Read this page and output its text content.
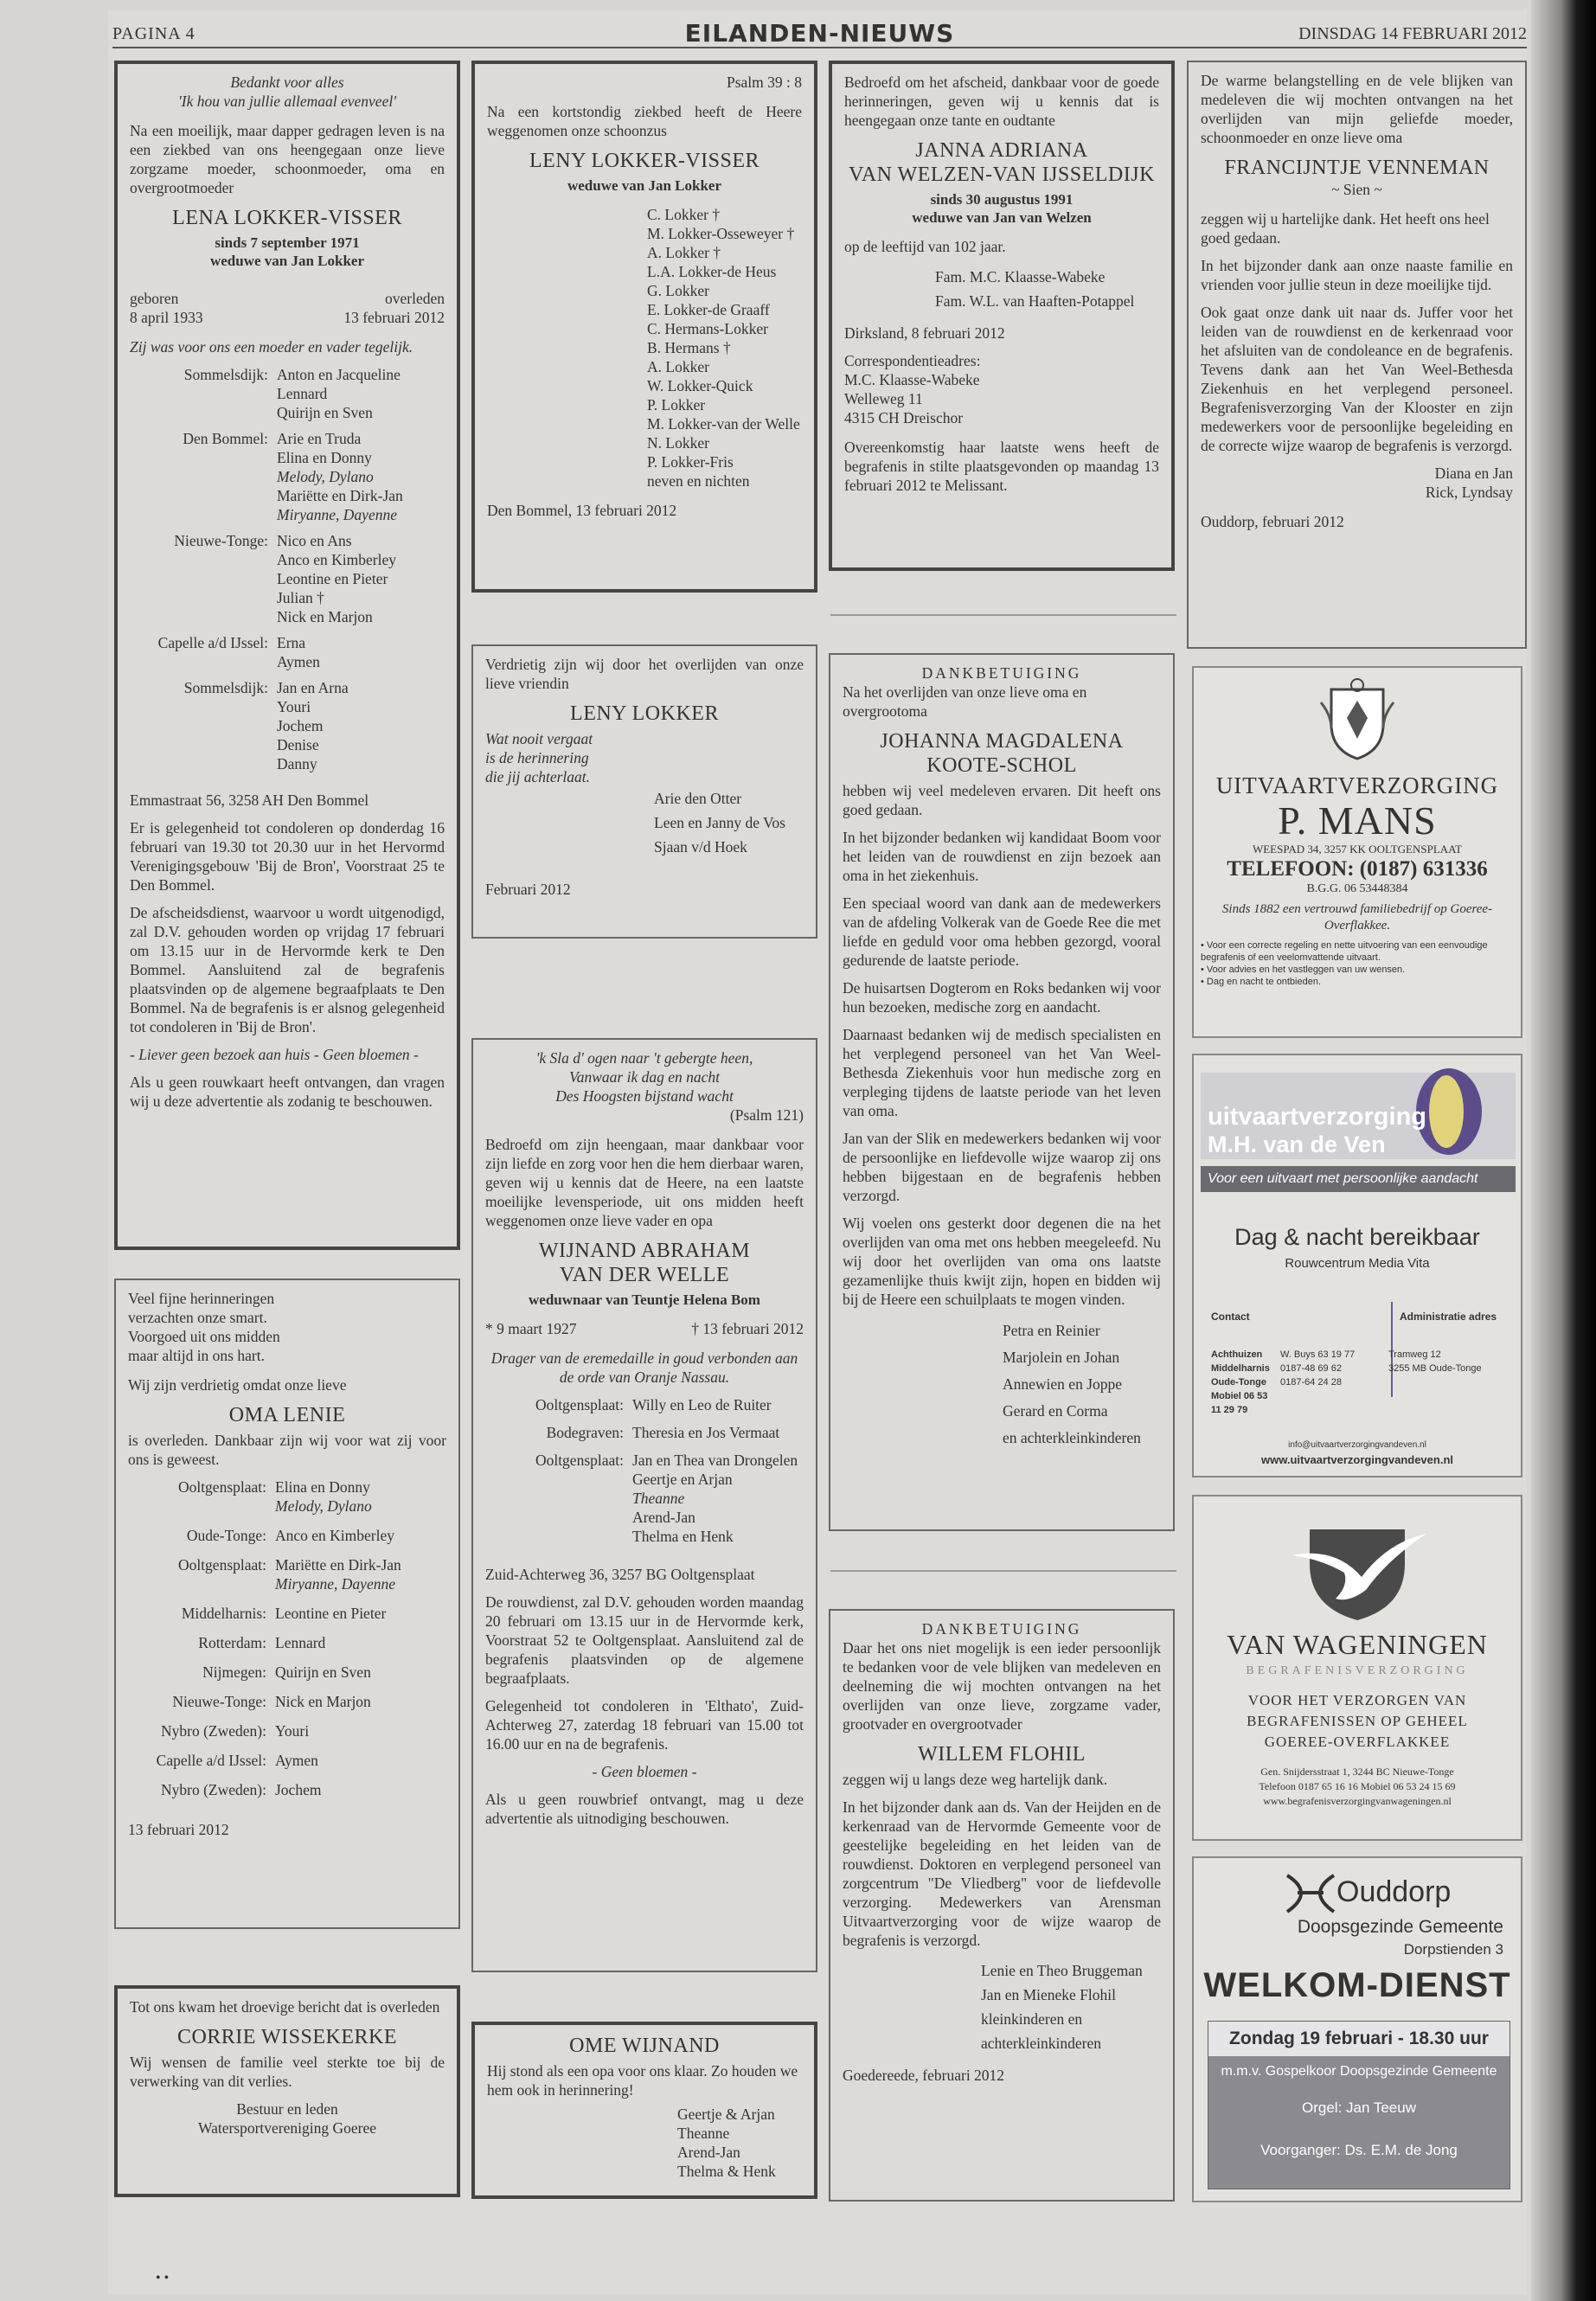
PAGINA 4	EILANDEN-NIEUWS	DINSDAG 14 FEBRUARI 2012
Bedankt voor alles
'Ik hou van jullie allemaal evenveel'

Na een moeilijk, maar dapper gedragen leven is na een ziekbed van ons heengegaan onze lieve zorgzame moeder, schoonmoeder, oma en overgrootmoeder

LENA LOKKER-VISSER
sinds 7 september 1971
weduwe van Jan Lokker
geboren
8 april 1933
overleden
13 februari 2012

Zij was voor ons een moeder en vader tegelijk.

Sommelsdijk: Anton en Jacqueline
Lennard
Quirijn en Sven
Den Bommel: Arie en Truda
Elina en Donny
Melody, Dylano
Mariëtte en Dirk-Jan
Miryanne, Dayenne
Nieuwe-Tonge: Nico en Ans
Anco en Kimberley
Leontine en Pieter
Julian †
Nick en Marjon
Capelle a/d IJssel: Erna
Aymen
Sommelsdijk: Jan en Arna
Youri
Jochem
Denise
Danny

Emmastraat 56, 3258 AH Den Bommel

Er is gelegenheid tot condoleren op donderdag 16 februari van 19.30 tot 20.30 uur in het Hervormd Verenigingsgebouw 'Bij de Bron', Voorstraat 25 te Den Bommel.

De afscheidsdienst, waarvoor u wordt uitgenodigd, zal D.V. gehouden worden op vrijdag 17 februari om 13.15 uur in de Hervormde kerk te Den Bommel. Aansluitend zal de begrafenis plaatsvinden op de algemene begraafplaats te Den Bommel. Na de begrafenis is er alsnog gelegenheid tot condoleren in 'Bij de Bron'.

- Liever geen bezoek aan huis - Geen bloemen -

Als u geen rouwkaart heeft ontvangen, dan vragen wij u deze advertentie als zodanig te beschouwen.

Veel fijne herinneringen
verzachten onze smart.
Voorgoed uit ons midden
maar altijd in ons hart.
Wij zijn verdrietig omdat onze lieve
OMA LENIE

is overleden. Dankbaar zijn wij voor wat zij voor ons is geweest.

Ooltgensplaat: Elina en Donny
Melody, Dylano
Oude-Tonge: Anco en Kimberley
Ooltgensplaat: Mariëtte en Dirk-Jan
Miryanne, Dayenne
Middelharnis: Leontine en Pieter
Rotterdam: Lennard
Nijmegen: Quirijn en Sven
Nieuwe-Tonge: Nick en Marjon
Nybro (Zweden): Youri
Capelle a/d IJssel: Aymen
Nybro (Zweden): Jochem
13 februari 2012
Tot ons kwam het droevige bericht dat is overleden
CORRIE WISSEKERKE

Wij wensen de familie veel sterkte toe bij de verwerking van dit verlies.

Bestuur en leden
Watersportvereniging Goeree
Psalm 39 : 8

Na een kortstondig ziekbed heeft de Heere weggenomen onze schoonzus

LENY LOKKER-VISSER
weduwe van Jan Lokker
C. Lokker †
M. Lokker-Osseweyer †
A. Lokker †
L.A. Lokker-de Heus
G. Lokker
E. Lokker-de Graaff
C. Hermans-Lokker
B. Hermans †
A. Lokker
W. Lokker-Quick
P. Lokker
M. Lokker-van der Welle
N. Lokker
P. Lokker-Fris
neven en nichten
Den Bommel, 13 februari 2012

Verdrietig zijn wij door het overlijden van onze lieve vriendin

LENY LOKKER
Wat nooit vergaat
is de herinnering
die jij achterlaat.
Arie den Otter
Leen en Janny de Vos
Sjaan v/d Hoek
Februari 2012
'k Sla d' ogen naar 't gebergte heen,
Vanwaar ik dag en nacht
Des Hoogsten bijstand wacht
(Psalm 121)

Bedroefd om zijn heengaan, maar dankbaar voor zijn liefde en zorg voor hen die hem dierbaar waren, geven wij u kennis dat de Heere, na een laatste moeilijke levensperiode, uit ons midden heeft weggenomen onze lieve vader en opa

WIJNAND ABRAHAM
VAN DER WELLE
weduwnaar van Teuntje Helena Bom
* 9 maart 1927	† 13 februari 2012

Drager van de eremedaille in goud verbonden aan de orde van Oranje Nassau.

Ooltgensplaat: Willy en Leo de Ruiter
Bodegraven: Theresia en Jos Vermaat
Ooltgensplaat: Jan en Thea van Drongelen
Geertje en Arjan
Theanne
Arend-Jan
Thelma en Henk

Zuid-Achterweg 36, 3257 BG Ooltgensplaat

De rouwdienst, zal D.V. gehouden worden maandag 20 februari om 13.15 uur in de Hervormde kerk, Voorstraat 52 te Ooltgensplaat. Aansluitend zal de begrafenis plaatsvinden op de algemene begraafplaats.

Gelegenheid tot condoleren in 'Elthato', Zuid-Achterweg 27, zaterdag 18 februari van 15.00 tot 16.00 uur en na de begrafenis.

- Geen bloemen -

Als u geen rouwbrief ontvangt, mag u deze advertentie als uitnodiging beschouwen.

OME WIJNAND

Hij stond als een opa voor ons klaar. Zo houden we hem ook in herinnering!

Geertje & Arjan
Theanne
Arend-Jan
Thelma & Henk

Bedroefd om het afscheid, dankbaar voor de goede herinneringen, geven wij u kennis dat is heengegaan onze tante en oudtante

JANNA ADRIANA
VAN WELZEN-VAN IJSSELDIJK
sinds 30 augustus 1991
weduwe van Jan van Welzen

op de leeftijd van 102 jaar.

Fam. M.C. Klaasse-Wabeke
Fam. W.L. van Haaften-Potappel

Dirksland, 8 februari 2012

Correspondentieadres:
M.C. Klaasse-Wabeke
Welleweg 11
4315 CH Dreischor

Overeenkomstig haar laatste wens heeft de begrafenis in stilte plaatsgevonden op maandag 13 februari 2012 te Melissant.

DANKBETUIGING

Na het overlijden van onze lieve oma en overgrootoma

JOHANNA MAGDALENA
KOOTE-SCHOL

hebben wij veel medeleven ervaren. Dit heeft ons goed gedaan.

In het bijzonder bedanken wij kandidaat Boom voor het leiden van de rouwdienst en zijn bezoek aan oma in het ziekenhuis.

Een speciaal woord van dank aan de medewerkers van de afdeling Volkerak van de Goede Ree die met liefde en geduld voor oma hebben gezorgd, vooral gedurende de laatste periode.

De huisartsen Dogterom en Roks bedanken wij voor hun bezoeken, medische zorg en aandacht.

Daarnaast bedanken wij de medisch specialisten en het verplegend personeel van het Van Weel-Bethesda Ziekenhuis voor hun medische zorg en verpleging tijdens de laatste periode van het leven van oma.

Jan van der Slik en medewerkers bedanken wij voor de persoonlijke en liefdevolle wijze waarop zij ons hebben bijgestaan en de begrafenis hebben verzorgd.

Wij voelen ons gesterkt door degenen die na het overlijden van oma met ons hebben meegeleefd. Nu wij door het overlijden van oma ons laatste gezamenlijke thuis kwijt zijn, hopen en bidden wij bij de Heere een schuilplaats te mogen vinden.

Petra en Reinier
Marjolein en Johan
Annewien en Joppe
Gerard en Corma
en achterkleinkinderen
DANKBETUIGING

Daar het ons niet mogelijk is een ieder persoonlijk te bedanken voor de vele blijken van medeleven en deelneming die wij mochten ontvangen na het overlijden van onze lieve, zorgzame vader, grootvader en overgrootvader

WILLEM FLOHIL

zeggen wij u langs deze weg hartelijk dank.

In het bijzonder dank aan ds. Van der Heijden en de kerkenraad van de Hervormde Gemeente voor de geestelijke begeleiding en het leiden van de rouwdienst. Doktoren en verplegend personeel van zorgcentrum "De Vliedberg" voor de liefdevolle verzorging. Medewerkers van Arensman Uitvaartverzorging voor de wijze waarop de begrafenis is verzorgd.

Lenie en Theo Bruggeman
Jan en Mieneke Flohil
kleinkinderen en
achterkleinkinderen
Goedereede, februari 2012

De warme belangstelling en de vele blijken van medeleven die wij mochten ontvangen na het overlijden van mijn geliefde moeder, schoonmoeder en onze lieve oma

FRANCIJNTJE VENNEMAN
~ Sien ~

zeggen wij u hartelijke dank. Het heeft ons heel goed gedaan.

In het bijzonder dank aan onze naaste familie en vrienden voor jullie steun in deze moeilijke tijd.

Ook gaat onze dank uit naar ds. Juffer voor het leiden van de rouwdienst en de kerkenraad voor het afsluiten van de condoleance en de begrafenis. Tevens dank aan het Van Weel-Bethesda Ziekenhuis en het verplegend personeel. Begrafenisverzorging Van der Klooster en zijn medewerkers voor de persoonlijke begeleiding en de correcte wijze waarop de begrafenis is verzorgd.

Diana en Jan
Rick, Lyndsay
Ouddorp, februari 2012
UITVAARTVERZORGING
P. MANS
WEESPAD 34, 3257 KK OOLTGENSPLAAT
TELEFOON: (0187) 631336
B.G.G. 06 53448384
Sinds 1882 een vertrouwd familiebedrijf op Goeree-Overflakkee.
• Voor een correcte regeling en nette uitvoering van een eenvoudige begrafenis of een veelomvattende uitvaart.
• Voor advies en het vastleggen van uw wensen.
• Dag en nacht te ontbieden.
uitvaartverzorging
M.H. van de Ven
Voor een uitvaart met persoonlijke aandacht
Dag & nacht bereikbaar
Rouwcentrum Media Vita
Contact	Administratie adres
Achthuizen	W. Buys 63 19 77	Tramweg 12
Middelharnis	0187-48 69 62	3255 MB Oude-Tonge
Oude-Tonge	0187-64 24 28
Mobiel 06 53 11 29 79
info@uitvaartverzorgingvandeven.nl
www.uitvaartverzorgingvandeven.nl
VAN WAGENINGEN
BEGRAFENISVERZORGING
VOOR HET VERZORGEN VAN
BEGRAFENISSEN OP GEHEEL
GOEREE-OVERFLAKKEE
Gen. Snijdersstraat 1, 3244 BC Nieuwe-Tonge
Telefoon 0187 65 16 16 Mobiel 06 53 24 15 69
www.begrafenisverzorgingvanwageningen.nl
Ouddorp
Doopsgezinde Gemeente
Dorpstienden 3
WELKOM-DIENST
Zondag 19 februari - 18.30 uur
m.m.v. Gospelkoor Doopsgezinde Gemeente
Orgel: Jan Teeuw
Voorganger: Ds. E.M. de Jong
• •
